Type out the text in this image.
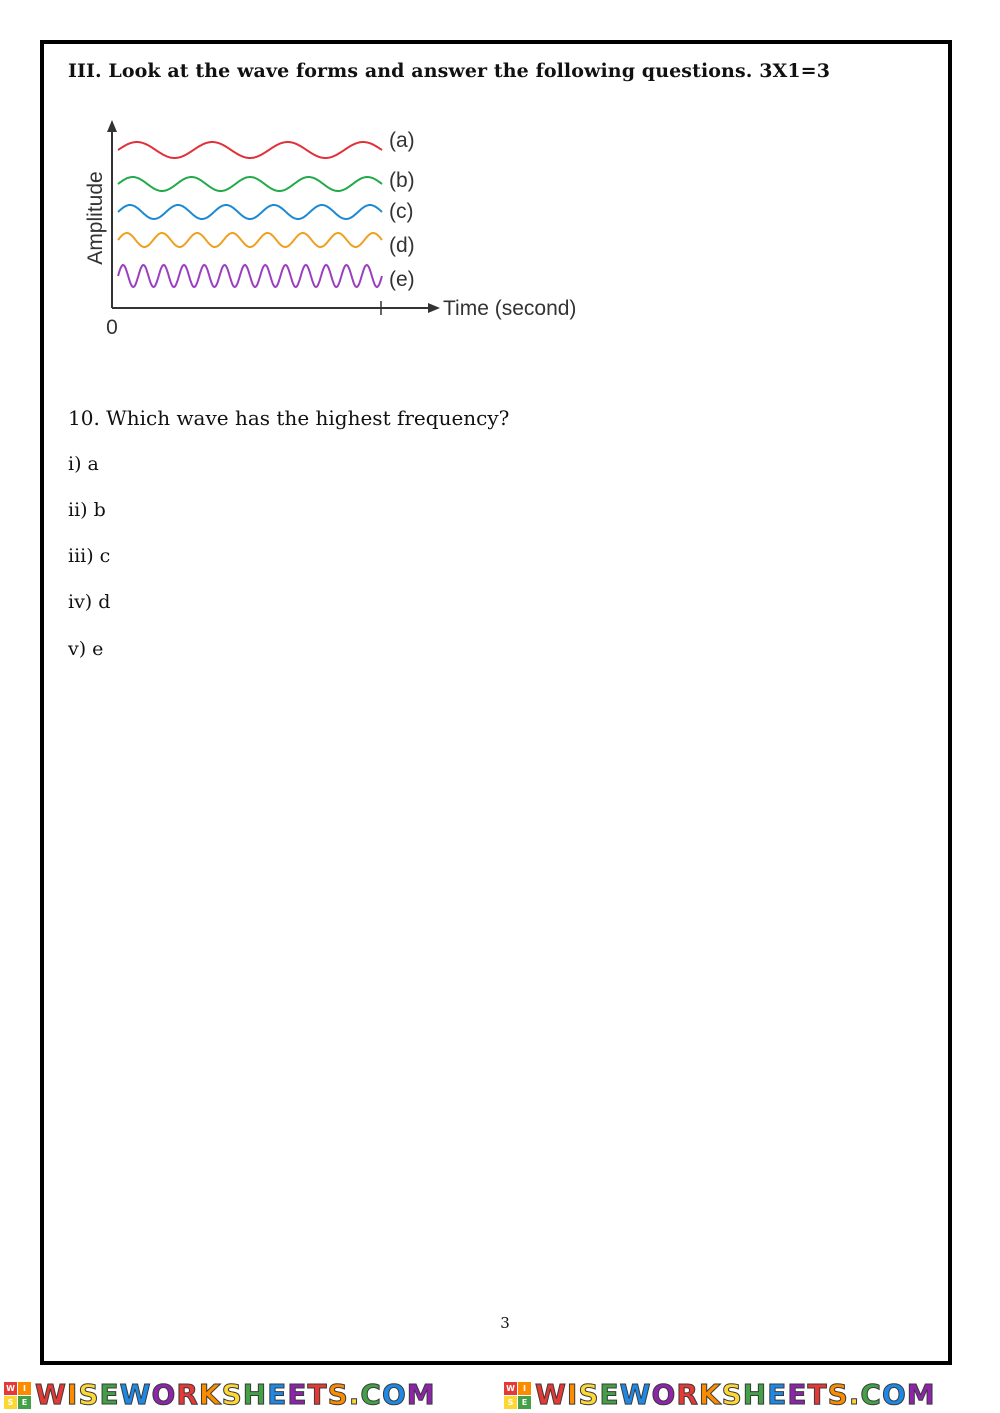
III. Look at the wave forms and answer the following questions. 3X1=3
Amplitude
0
Time (second)
(a)
(b)
(c)
(d)
(e)

10. Which wave has the highest frequency?

i) a

ii) b

iii) c

iv) d

v) e

3
W	I
S	E WISEWORKSHEETS.COM	W	I
S	E WISEWORKSHEETS.COM
